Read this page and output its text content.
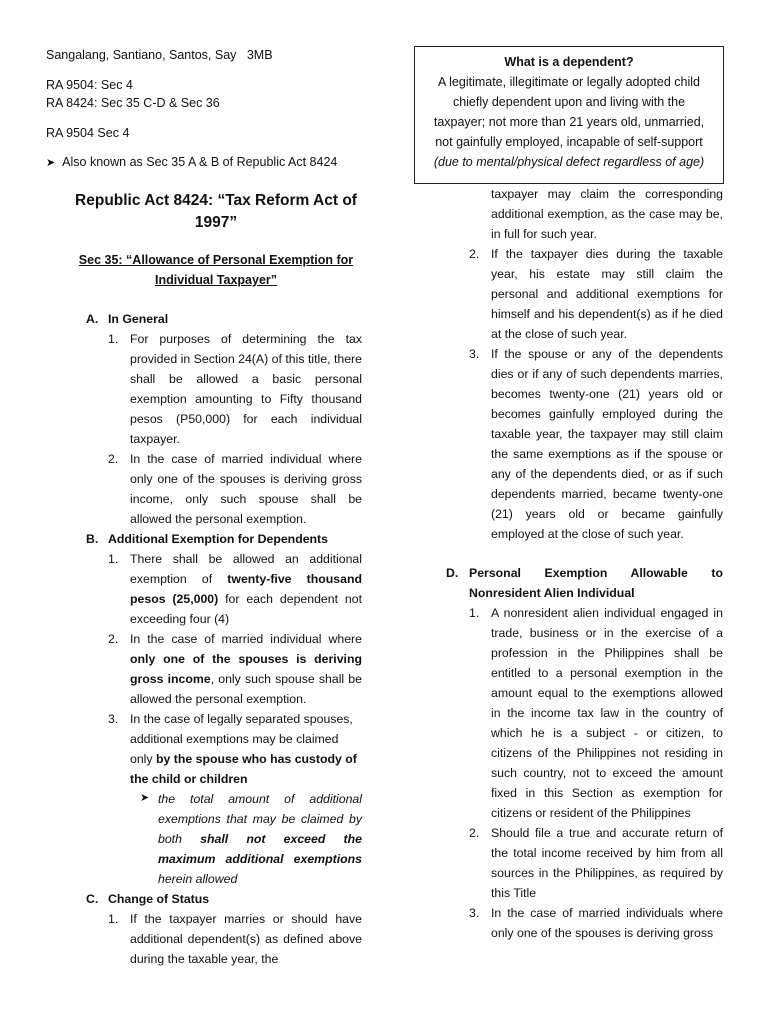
Sangalang, Santiano, Santos, Say 3MB
RA 9504: Sec 4
RA 8424: Sec 35 C-D & Sec 36
RA 9504 Sec 4
➤ Also known as Sec 35 A & B of Republic Act 8424
What is a dependent?
A legitimate, illegitimate or legally adopted child
chiefly dependent upon and living with the
taxpayer; not more than 21 years old, unmarried,
not gainfully employed, incapable of self-support
(due to mental/physical defect regardless of age)
Republic Act 8424: “Tax Reform Act of
1997”
Sec 35: “Allowance of Personal Exemption for
Individual Taxpayer”
A. In General
1. For purposes of determining the tax provided in Section 24(A) of this title, there shall be allowed a basic personal exemption amounting to Fifty thousand pesos (P50,000) for each individual taxpayer.
2. In the case of married individual where only one of the spouses is deriving gross income, only such spouse shall be allowed the personal exemption.
B. Additional Exemption for Dependents
1. There shall be allowed an additional exemption of twenty-five thousand pesos (25,000) for each dependent not exceeding four (4)
2. In the case of married individual where only one of the spouses is deriving gross income, only such spouse shall be allowed the personal exemption.
3. In the case of legally separated spouses, additional exemptions may be claimed only by the spouse who has custody of the child or children
➤ the total amount of additional exemptions that may be claimed by both shall not exceed the maximum additional exemptions herein allowed
C. Change of Status
1. If the taxpayer marries or should have additional dependent(s) as defined above during the taxable year, the
taxpayer may claim the corresponding additional exemption, as the case may be, in full for such year.
2. If the taxpayer dies during the taxable year, his estate may still claim the personal and additional exemptions for himself and his dependent(s) as if he died at the close of such year.
3. If the spouse or any of the dependents dies or if any of such dependents marries, becomes twenty-one (21) years old or becomes gainfully employed during the taxable year, the taxpayer may still claim the same exemptions as if the spouse or any of the dependents died, or as if such dependents married, became twenty-one (21) years old or became gainfully employed at the close of such year.
D. Personal Exemption Allowable to
Nonresident Alien Individual
1. A nonresident alien individual engaged in trade, business or in the exercise of a profession in the Philippines shall be entitled to a personal exemption in the amount equal to the exemptions allowed in the income tax law in the country of which he is a subject - or citizen, to citizens of the Philippines not residing in such country, not to exceed the amount fixed in this Section as exemption for citizens or resident of the Philippines
2. Should file a true and accurate return of the total income received by him from all sources in the Philippines, as required by this Title
3. In the case of married individuals where only one of the spouses is deriving gross
